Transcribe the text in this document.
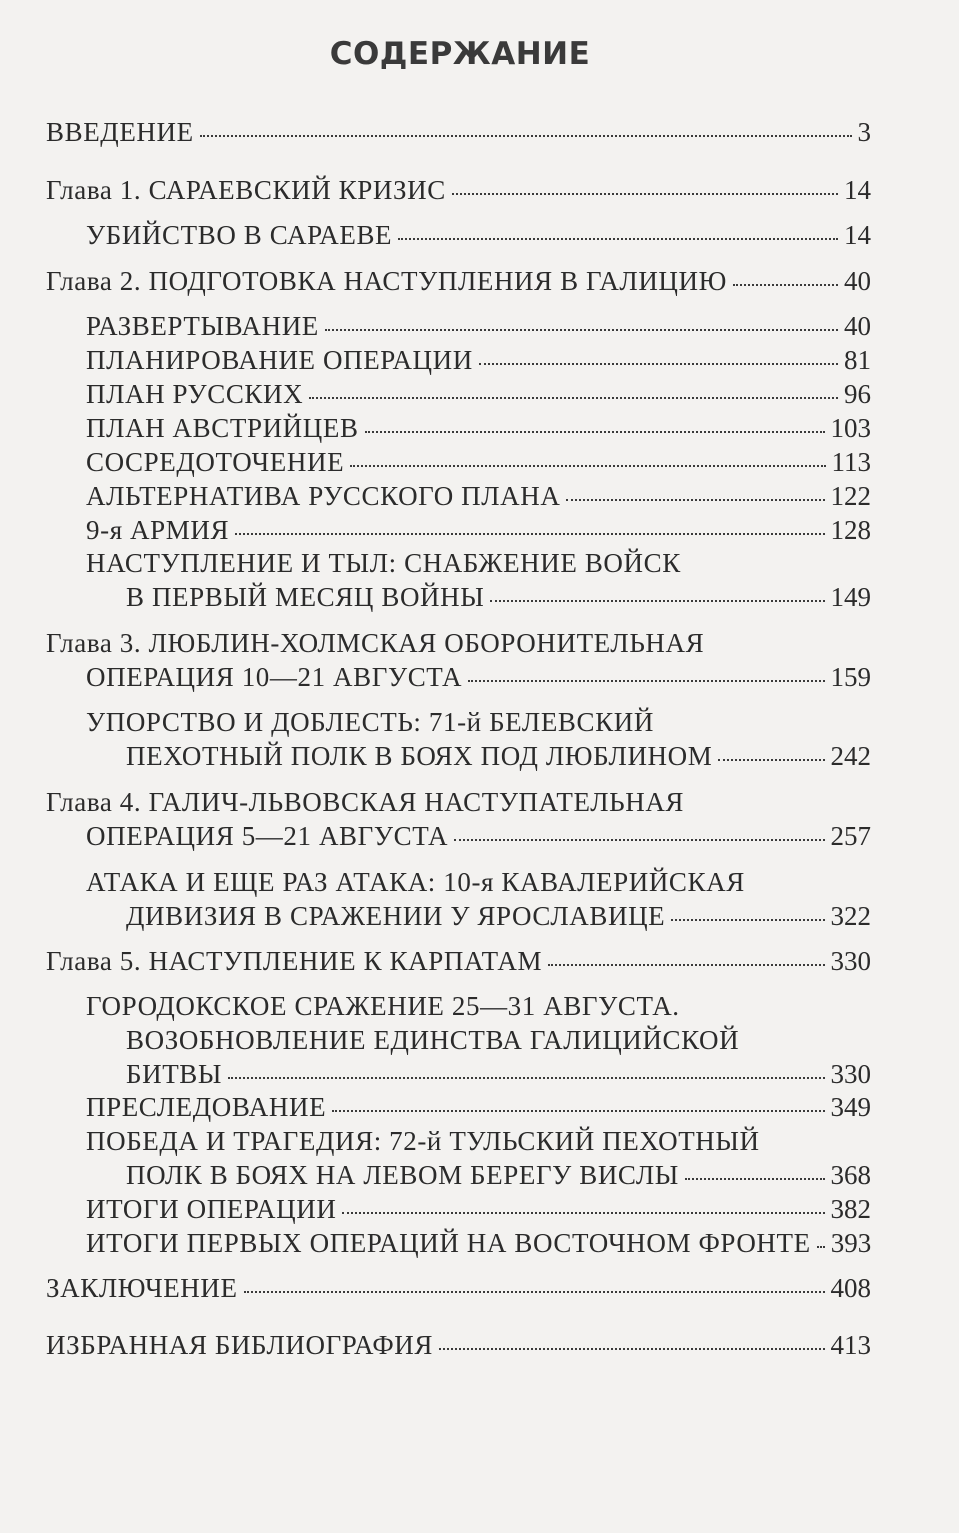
СОДЕРЖАНИЕ
ВВЕДЕНИЕ	3
Глава 1. САРАЕВСКИЙ КРИЗИС	14
УБИЙСТВО В САРАЕВЕ	14
Глава 2. ПОДГОТОВКА НАСТУПЛЕНИЯ В ГАЛИЦИЮ	40
РАЗВЕРТЫВАНИЕ	40
ПЛАНИРОВАНИЕ ОПЕРАЦИИ	81
ПЛАН РУССКИХ	96
ПЛАН АВСТРИЙЦЕВ	103
СОСРЕДОТОЧЕНИЕ	113
АЛЬТЕРНАТИВА РУССКОГО ПЛАНА	122
9-я АРМИЯ	128
НАСТУПЛЕНИЕ И ТЫЛ: СНАБЖЕНИЕ ВОЙСК
В ПЕРВЫЙ МЕСЯЦ ВОЙНЫ	149
Глава 3. ЛЮБЛИН-ХОЛМСКАЯ ОБОРОНИТЕЛЬНАЯ
ОПЕРАЦИЯ 10—21 АВГУСТА	159
УПОРСТВО И ДОБЛЕСТЬ: 71-й БЕЛЕВСКИЙ
ПЕХОТНЫЙ ПОЛК В БОЯХ ПОД ЛЮБЛИНОМ	242
Глава 4. ГАЛИЧ-ЛЬВОВСКАЯ НАСТУПАТЕЛЬНАЯ
ОПЕРАЦИЯ 5—21 АВГУСТА	257
АТАКА И ЕЩЕ РАЗ АТАКА: 10-я КАВАЛЕРИЙСКАЯ
ДИВИЗИЯ В СРАЖЕНИИ У ЯРОСЛАВИЦЕ	322
Глава 5. НАСТУПЛЕНИЕ К КАРПАТАМ	330
ГОРОДОКСКОЕ СРАЖЕНИЕ 25—31 АВГУСТА.
ВОЗОБНОВЛЕНИЕ ЕДИНСТВА ГАЛИЦИЙСКОЙ
БИТВЫ	330
ПРЕСЛЕДОВАНИЕ	349
ПОБЕДА И ТРАГЕДИЯ: 72-й ТУЛЬСКИЙ ПЕХОТНЫЙ
ПОЛК В БОЯХ НА ЛЕВОМ БЕРЕГУ ВИСЛЫ	368
ИТОГИ ОПЕРАЦИИ	382
ИТОГИ ПЕРВЫХ ОПЕРАЦИЙ НА ВОСТОЧНОМ ФРОНТЕ 393
ЗАКЛЮЧЕНИЕ	408
ИЗБРАННАЯ БИБЛИОГРАФИЯ	413
